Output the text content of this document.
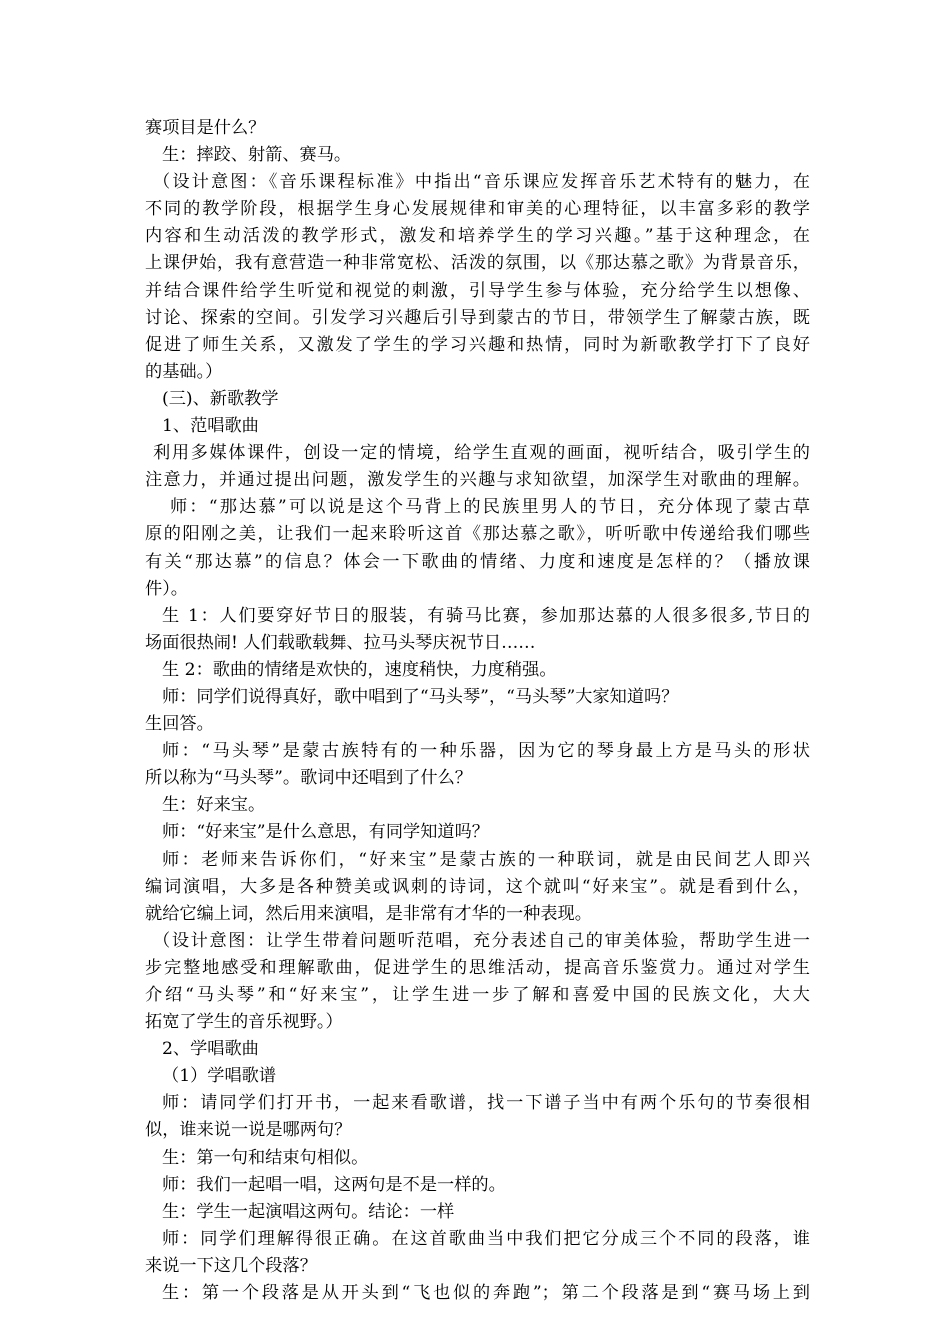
赛项目是什么？
生：摔跤、射箭、赛马。
（设计意图：《音乐课程标准》中指出“音乐课应发挥音乐艺术特有的魅力，在
不同的教学阶段，根据学生身心发展规律和审美的心理特征，以丰富多彩的教学
内容和生动活泼的教学形式，激发和培养学生的学习兴趣。”基于这种理念，在
上课伊始，我有意营造一种非常宽松、活泼的氛围，以《那达慕之歌》为背景音乐，
并结合课件给学生听觉和视觉的刺激，引导学生参与体验，充分给学生以想像、
讨论、探索的空间。引发学习兴趣后引导到蒙古的节日，带领学生了解蒙古族，既
促进了师生关系，又激发了学生的学习兴趣和热情，同时为新歌教学打下了良好
的基础。）
(三)、新歌教学
1、范唱歌曲
利用多媒体课件，创设一定的情境，给学生直观的画面，视听结合，吸引学生的
注意力，并通过提出问题，激发学生的兴趣与求知欲望，加深学生对歌曲的理解。
师：“那达慕”可以说是这个马背上的民族里男人的节日，充分体现了蒙古草
原的阳刚之美，让我们一起来聆听这首《那达慕之歌》，听听歌中传递给我们哪些
有关“那达慕”的信息？体会一下歌曲的情绪、力度和速度是怎样的？（播放课
件）。
生 1：人们要穿好节日的服装，有骑马比赛，参加那达慕的人很多很多,节日的
场面很热闹! 人们载歌载舞、拉马头琴庆祝节日……
生 2：歌曲的情绪是欢快的，速度稍快，力度稍强。
师：同学们说得真好，歌中唱到了“马头琴”，“马头琴”大家知道吗？
生回答。
师：“马头琴”是蒙古族特有的一种乐器，因为它的琴身最上方是马头的形状
所以称为“马头琴”。歌词中还唱到了什么？
生：好来宝。
师：“好来宝”是什么意思，有同学知道吗？
师：老师来告诉你们，“好来宝”是蒙古族的一种联词，就是由民间艺人即兴
编词演唱，大多是各种赞美或讽刺的诗词，这个就叫“好来宝”。就是看到什么，
就给它编上词，然后用来演唱，是非常有才华的一种表现。
（设计意图：让学生带着问题听范唱，充分表述自己的审美体验，帮助学生进一
步完整地感受和理解歌曲，促进学生的思维活动，提高音乐鉴赏力。通过对学生
介绍“马头琴”和“好来宝”，让学生进一步了解和喜爱中国的民族文化，大大
拓宽了学生的音乐视野。）
2、学唱歌曲
（1）学唱歌谱
师：请同学们打开书，一起来看歌谱，找一下谱子当中有两个乐句的节奏很相
似，谁来说一说是哪两句？
生：第一句和结束句相似。
师：我们一起唱一唱，这两句是不是一样的。
生：学生一起演唱这两句。结论：一样
师：同学们理解得很正确。在这首歌曲当中我们把它分成三个不同的段落，谁
来说一下这几个段落？
生：第一个段落是从开头到“飞也似的奔跑”；第二个段落是到“赛马场上到
